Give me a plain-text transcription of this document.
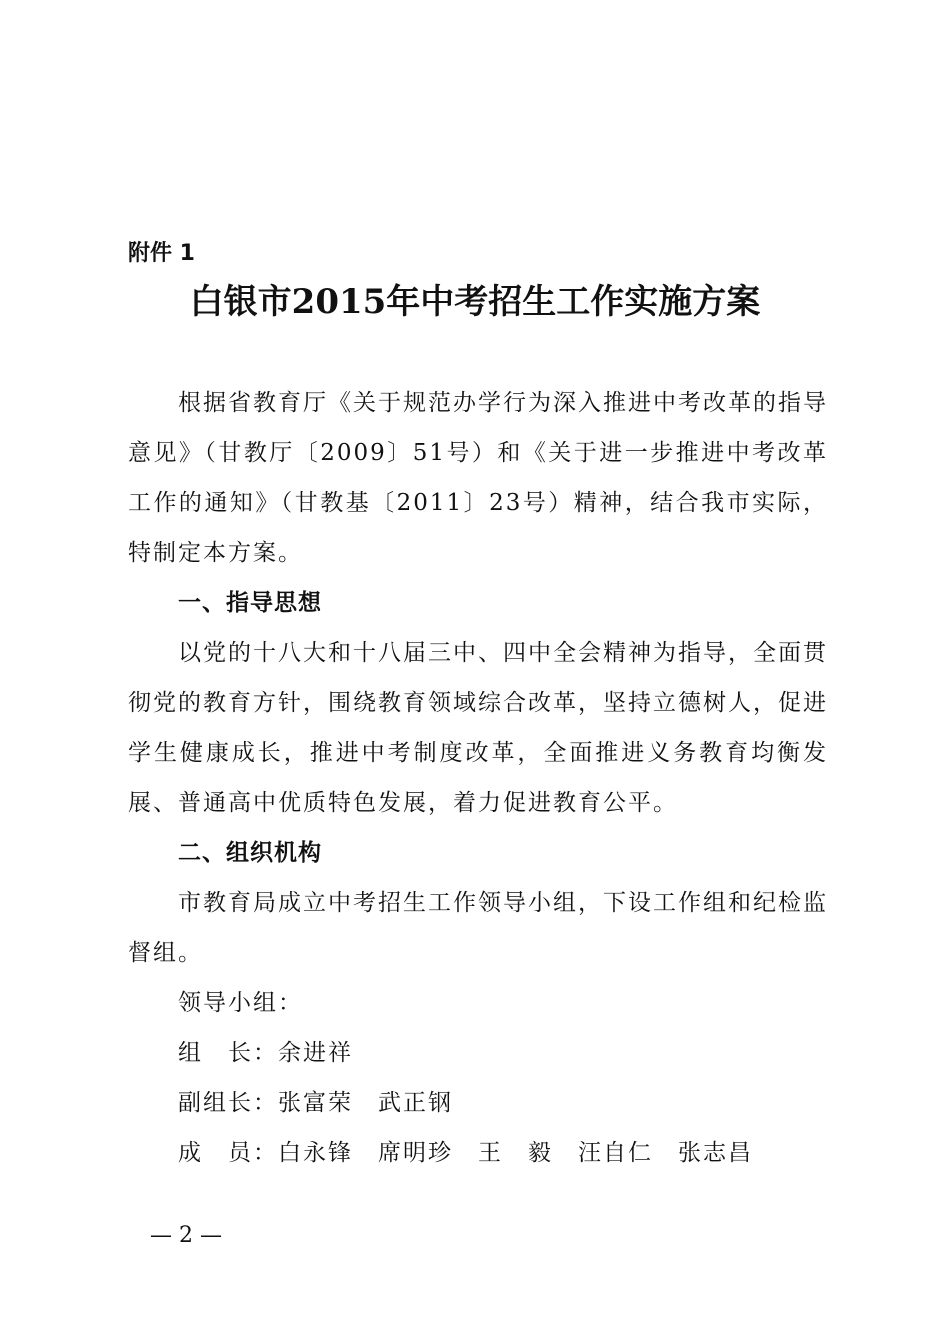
附件 1
白银市2015年中考招生工作实施方案

根据省教育厅《关于规范办学行为深入推进中考改革的指导意见》（甘教厅〔2009〕51号）和《关于进一步推进中考改革工作的通知》（甘教基〔2011〕23号）精神，结合我市实际，特制定本方案。

一、指导思想

以党的十八大和十八届三中、四中全会精神为指导，全面贯彻党的教育方针，围绕教育领域综合改革，坚持立德树人，促进学生健康成长，推进中考制度改革，全面推进义务教育均衡发展、普通高中优质特色发展，着力促进教育公平。

二、组织机构

市教育局成立中考招生工作领导小组，下设工作组和纪检监督组。

领导小组：

组　长：余进祥

副组长：张富荣　武正钢

成　员：白永锋　席明珍　王　毅　汪自仁　张志昌

— 2 —
